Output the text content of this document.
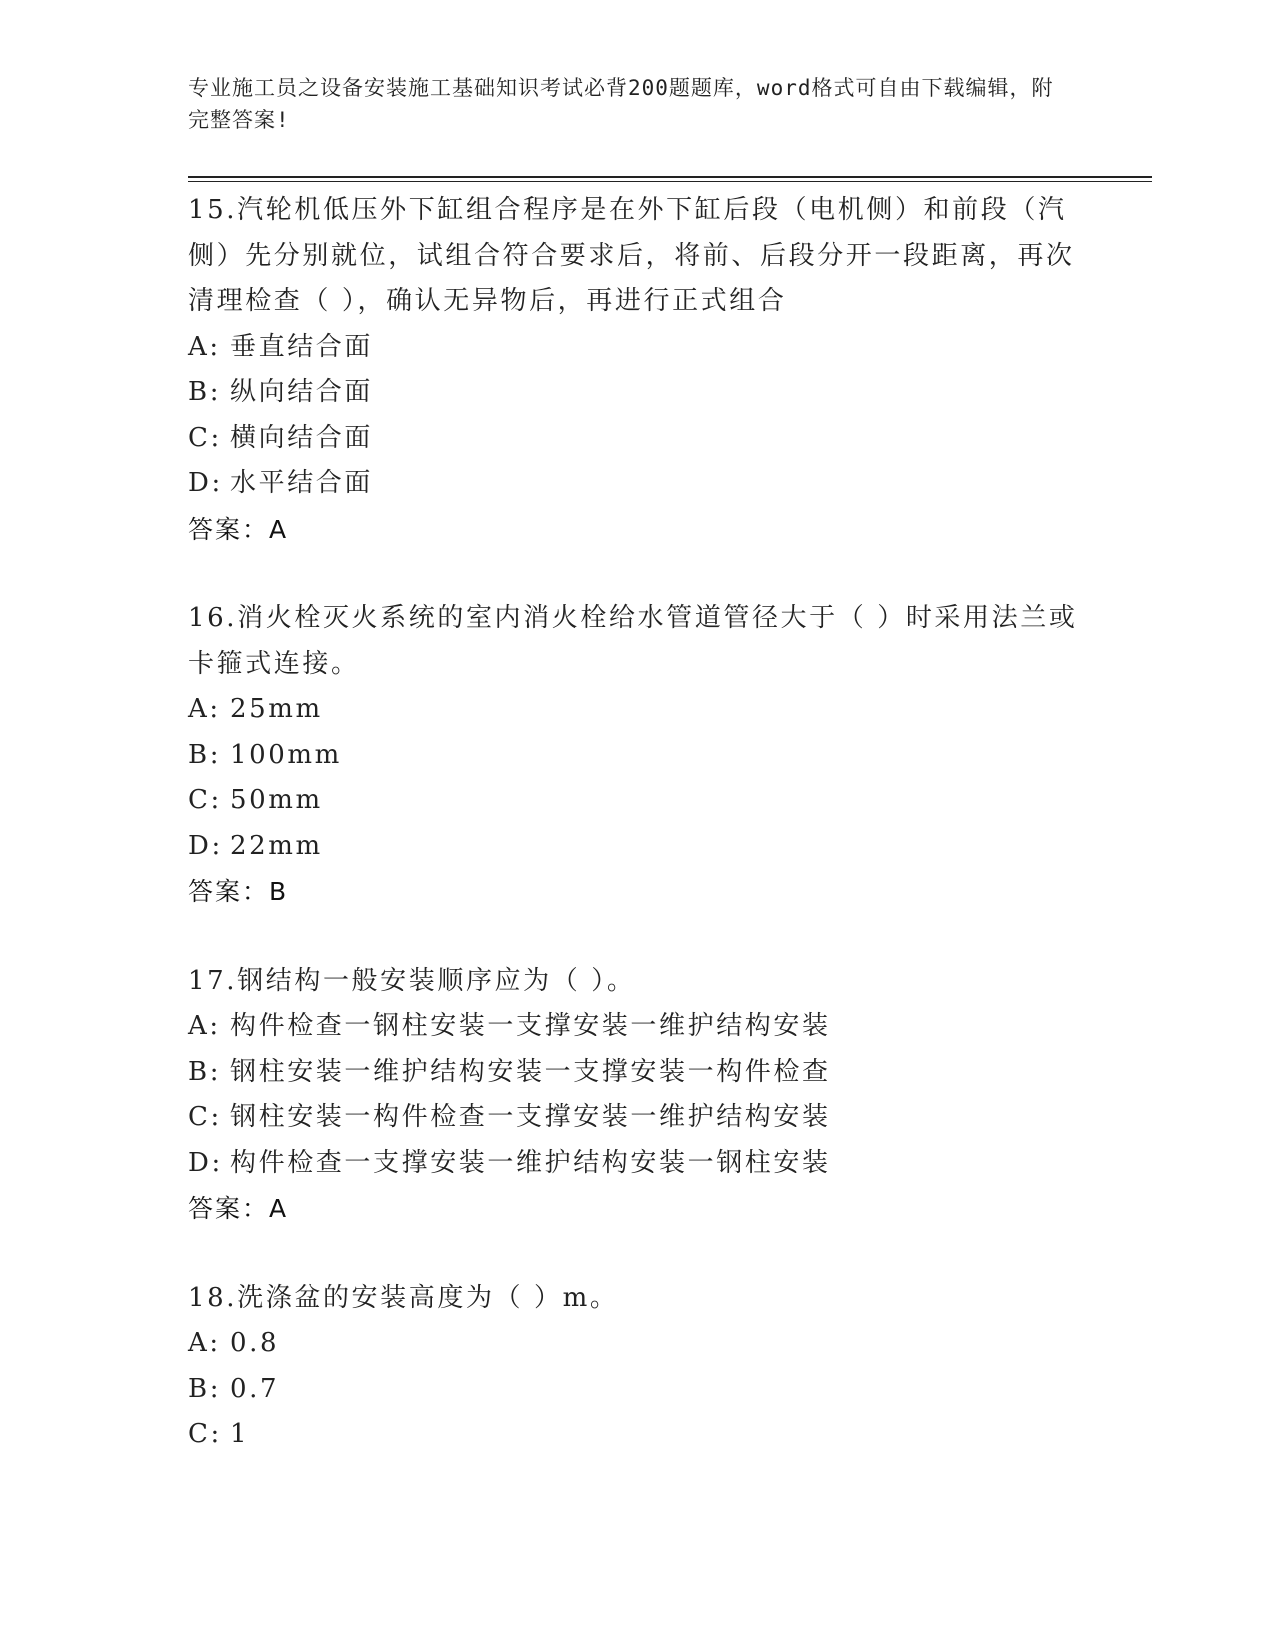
专业施工员之设备安装施工基础知识考试必背200题题库，word格式可自由下载编辑，附完整答案!
15.汽轮机低压外下缸组合程序是在外下缸后段（电机侧）和前段（汽侧）先分别就位，试组合符合要求后，将前、后段分开一段距离，再次清理检查（ ），确认无异物后，再进行正式组合
A: 垂直结合面
B: 纵向结合面
C: 横向结合面
D: 水平结合面
答案：A
16.消火栓灭火系统的室内消火栓给水管道管径大于（ ）时采用法兰或卡箍式连接。
A: 25mm
B: 100mm
C: 50mm
D: 22mm
答案：B
17.钢结构一般安装顺序应为（ ）。
A: 构件检查一钢柱安装一支撑安装一维护结构安装
B: 钢柱安装一维护结构安装一支撑安装一构件检查
C: 钢柱安装一构件检查一支撑安装一维护结构安装
D: 构件检查一支撑安装一维护结构安装一钢柱安装
答案：A
18.洗涤盆的安装高度为（ ）m。
A: 0.8
B: 0.7
C: 1
